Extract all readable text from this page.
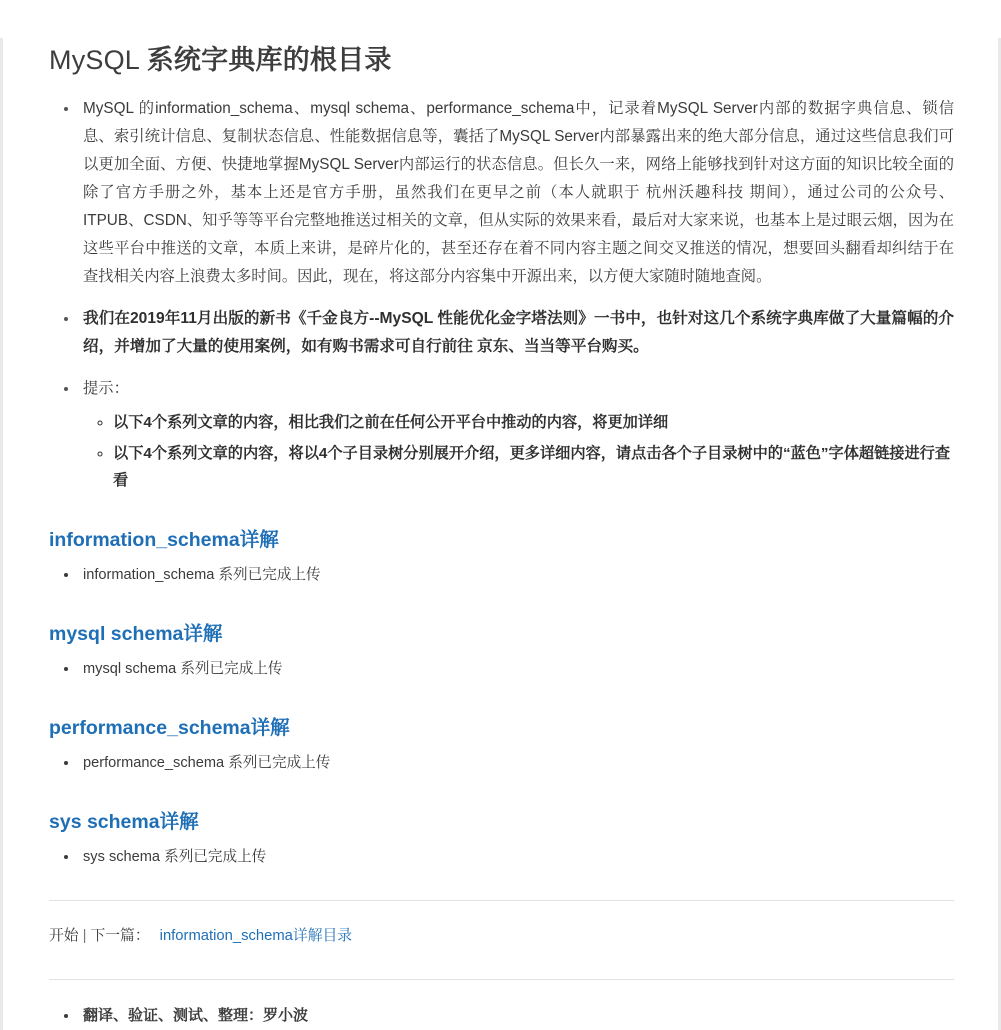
MySQL 系统字典库的根目录

• MySQL 的information_schema、mysql schema、performance_schema中，记录着MySQL Server内部的数据字典信息、锁信息、索引统计信息、复制状态信息、性能数据信息等，囊括了MySQL Server内部暴露出来的绝大部分信息，通过这些信息我们可以更加全面、方便、快捷地掌握MySQL Server内部运行的状态信息。但长久一来，网络上能够找到针对这方面的知识比较全面的除了官方手册之外，基本上还是官方手册，虽然我们在更早之前（本人就职于 杭州沃趣科技 期间），通过公司的公众号、ITPUB、CSDN、知乎等等平台完整地推送过相关的文章，但从实际的效果来看，最后对大家来说，也基本上是过眼云烟，因为在这些平台中推送的文章，本质上来讲，是碎片化的，甚至还存在着不同内容主题之间交叉推送的情况，想要回头翻看却纠结于在查找相关内容上浪费太多时间。因此，现在，将这部分内容集中开源出来，以方便大家随时随地查阅。

• 我们在2019年11月出版的新书《千金良方--MySQL 性能优化金字塔法则》一书中，也针对这几个系统字典库做了大量篇幅的介绍，并增加了大量的使用案例，如有购书需求可自行前往 京东、当当等平台购买。

• 提示：

◦ 以下4个系列文章的内容，相比我们之前在任何公开平台中推动的内容，将更加详细
◦ 以下4个系列文章的内容，将以4个子目录树分别展开介绍，更多详细内容，请点击各个子目录树中的“蓝色”字体超链接进行查看
information_schema详解
• information_schema 系列已完成上传
mysql schema详解
• mysql schema 系列已完成上传
performance_schema详解
• performance_schema 系列已完成上传
sys schema详解
• sys schema 系列已完成上传
开始 | 下一篇： information_schema详解目录
• 翻译、验证、测试、整理：罗小波
